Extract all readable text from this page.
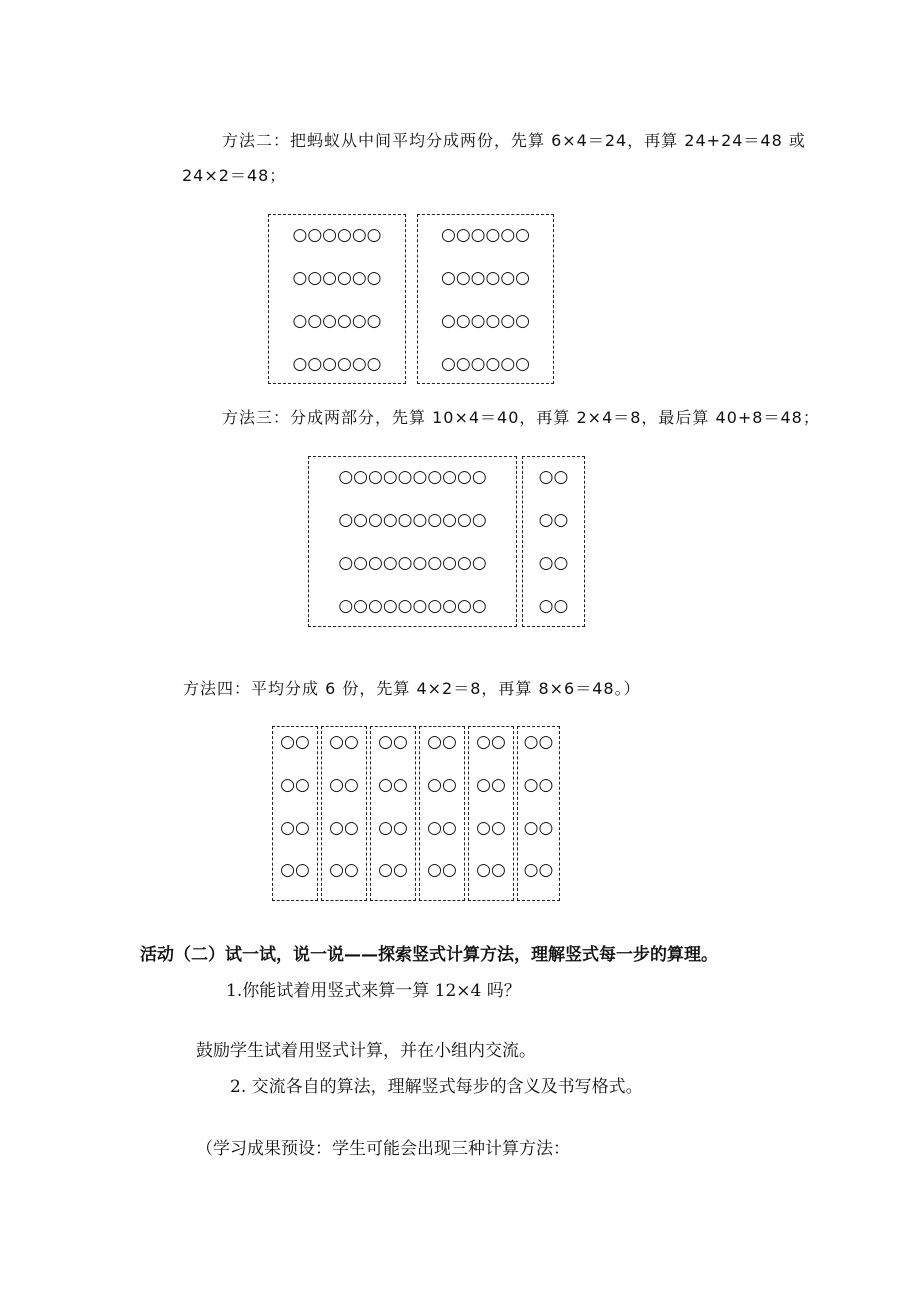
方法二：把蚂蚁从中间平均分成两份，先算 6×4＝24，再算 24+24＝48 或
24×2＝48；
○○○○○○
○○○○○○
○○○○○○
○○○○○○
○○○○○○
○○○○○○
○○○○○○
○○○○○○
方法三：分成两部分，先算 10×4＝40，再算 2×4＝8，最后算 40+8＝48；
○○○○○○○○○○
○○○○○○○○○○
○○○○○○○○○○
○○○○○○○○○○
○○
○○
○○
○○
方法四：平均分成 6 份，先算 4×2＝8，再算 8×6＝48。）
○○
○○
○○
○○
○○
○○
○○
○○
○○
○○
○○
○○
○○
○○
○○
○○
○○
○○
○○
○○
○○
○○
○○
○○
活动（二）试一试，说一说——探索竖式计算方法，理解竖式每一步的算理。
1.你能试着用竖式来算一算 12×4 吗？
鼓励学生试着用竖式计算，并在小组内交流。
2. 交流各自的算法，理解竖式每步的含义及书写格式。
（学习成果预设：学生可能会出现三种计算方法：
